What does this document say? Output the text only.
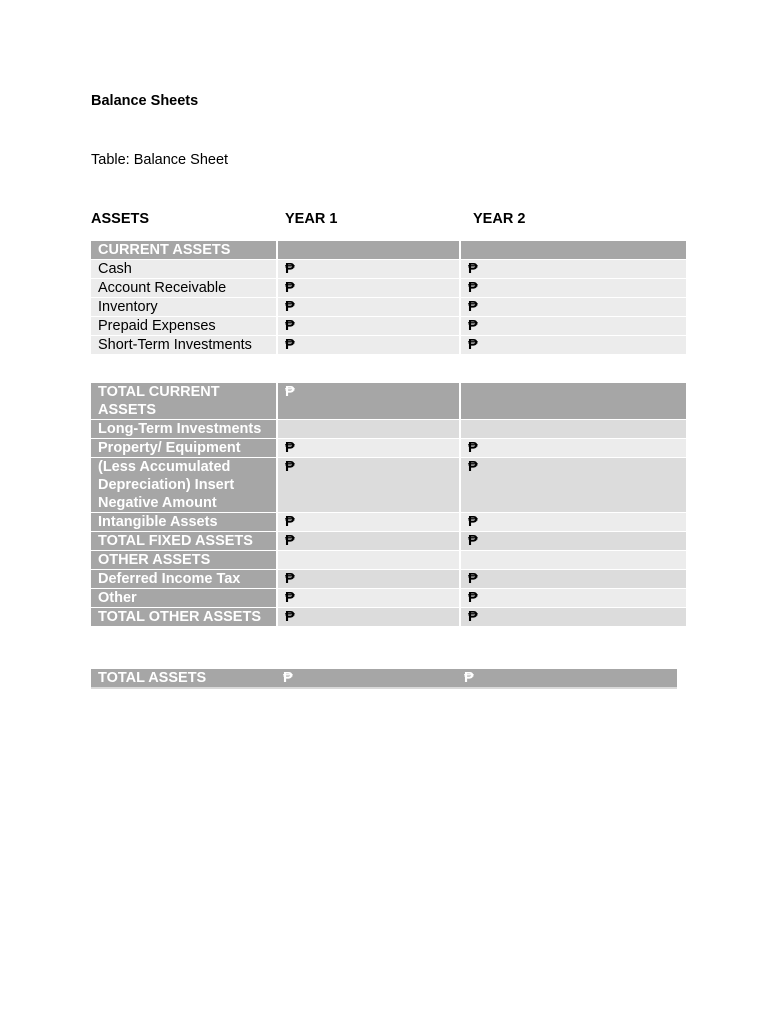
Balance Sheets
Table: Balance Sheet
ASSETS	YEAR 1	YEAR 2
CURRENT ASSETS		
Cash	₱	₱
Account Receivable	₱	₱
Inventory	₱	₱
Prepaid Expenses	₱	₱
Short-Term Investments	₱	₱
TOTAL CURRENT ASSETS	₱	
Long-Term Investments		
Property/ Equipment	₱	₱
(Less Accumulated Depreciation) Insert Negative Amount	₱	₱
Intangible Assets	₱	₱
TOTAL FIXED ASSETS	₱	₱
OTHER ASSETS		
Deferred Income Tax	₱	₱
Other	₱	₱
TOTAL OTHER ASSETS	₱	₱
TOTAL ASSETS	₱	₱
